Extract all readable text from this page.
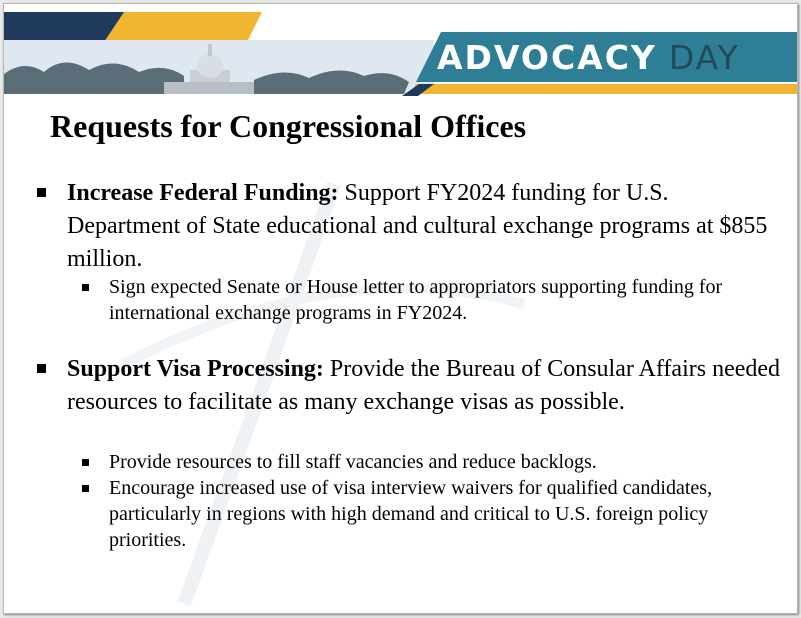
ADVOCACY DAY
Requests for Congressional Offices
Increase Federal Funding: Support FY2024 funding for U.S. Department of State educational and cultural exchange programs at $855 million.
Sign expected Senate or House letter to appropriators supporting funding for international exchange programs in FY2024.
Support Visa Processing: Provide the Bureau of Consular Affairs needed resources to facilitate as many exchange visas as possible.
Provide resources to fill staff vacancies and reduce backlogs.
Encourage increased use of visa interview waivers for qualified candidates, particularly in regions with high demand and critical to U.S. foreign policy priorities.
